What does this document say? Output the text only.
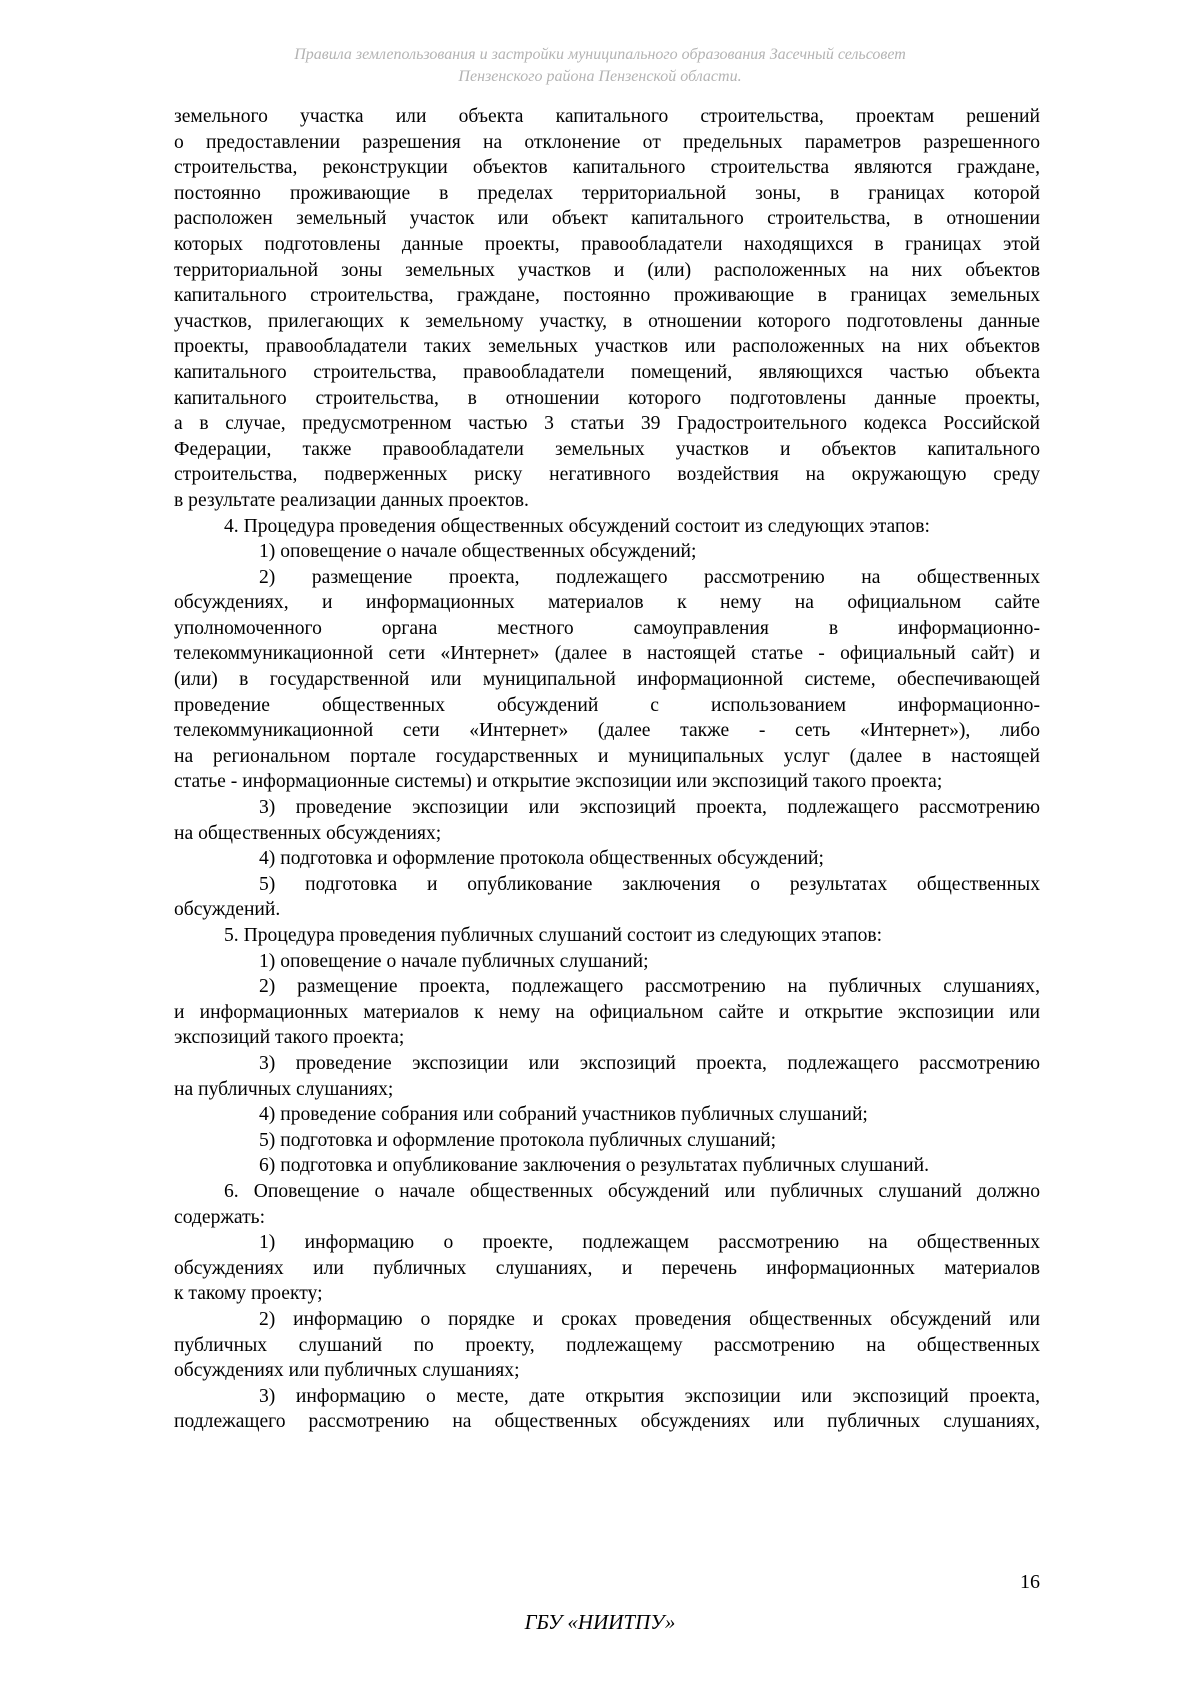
Правила землепользования и застройки муниципального образования Засечный сельсовет
Пензенского района Пензенской области.

земельного участка или объекта капитального строительства, проектам решений

о предоставлении разрешения на отклонение от предельных параметров разрешенного

строительства, реконструкции объектов капитального строительства являются граждане,

постоянно проживающие в пределах территориальной зоны, в границах которой

расположен земельный участок или объект капитального строительства, в отношении

которых подготовлены данные проекты, правообладатели находящихся в границах этой

территориальной зоны земельных участков и (или) расположенных на них объектов

капитального строительства, граждане, постоянно проживающие в границах земельных

участков, прилегающих к земельному участку, в отношении которого подготовлены данные

проекты, правообладатели таких земельных участков или расположенных на них объектов

капитального строительства, правообладатели помещений, являющихся частью объекта

капитального строительства, в отношении которого подготовлены данные проекты,

а в случае, предусмотренном частью 3 статьи 39 Градостроительного кодекса Российской

Федерации, также правообладатели земельных участков и объектов капитального

строительства, подверженных риску негативного воздействия на окружающую среду

в результате реализации данных проектов.

4. Процедура проведения общественных обсуждений состоит из следующих этапов:

1) оповещение о начале общественных обсуждений;

2) размещение проекта, подлежащего рассмотрению на общественных

обсуждениях, и информационных материалов к нему на официальном сайте

уполномоченного органа местного самоуправления в информационно-

телекоммуникационной сети «Интернет» (далее в настоящей статье - официальный сайт) и

(или) в государственной или муниципальной информационной системе, обеспечивающей

проведение общественных обсуждений с использованием информационно-

телекоммуникационной сети «Интернет» (далее также - сеть «Интернет»), либо

на региональном портале государственных и муниципальных услуг (далее в настоящей

статье - информационные системы) и открытие экспозиции или экспозиций такого проекта;

3) проведение экспозиции или экспозиций проекта, подлежащего рассмотрению

на общественных обсуждениях;

4) подготовка и оформление протокола общественных обсуждений;

5) подготовка и опубликование заключения о результатах общественных

обсуждений.

5. Процедура проведения публичных слушаний состоит из следующих этапов:

1) оповещение о начале публичных слушаний;

2) размещение проекта, подлежащего рассмотрению на публичных слушаниях,

и информационных материалов к нему на официальном сайте и открытие экспозиции или

экспозиций такого проекта;

3) проведение экспозиции или экспозиций проекта, подлежащего рассмотрению

на публичных слушаниях;

4) проведение собрания или собраний участников публичных слушаний;

5) подготовка и оформление протокола публичных слушаний;

6) подготовка и опубликование заключения о результатах публичных слушаний.

6. Оповещение о начале общественных обсуждений или публичных слушаний должно

содержать:

1) информацию о проекте, подлежащем рассмотрению на общественных

обсуждениях или публичных слушаниях, и перечень информационных материалов

к такому проекту;

2) информацию о порядке и сроках проведения общественных обсуждений или

публичных слушаний по проекту, подлежащему рассмотрению на общественных

обсуждениях или публичных слушаниях;

3) информацию о месте, дате открытия экспозиции или экспозиций проекта,

подлежащего рассмотрению на общественных обсуждениях или публичных слушаниях,

16
ГБУ «НИИТПУ»
